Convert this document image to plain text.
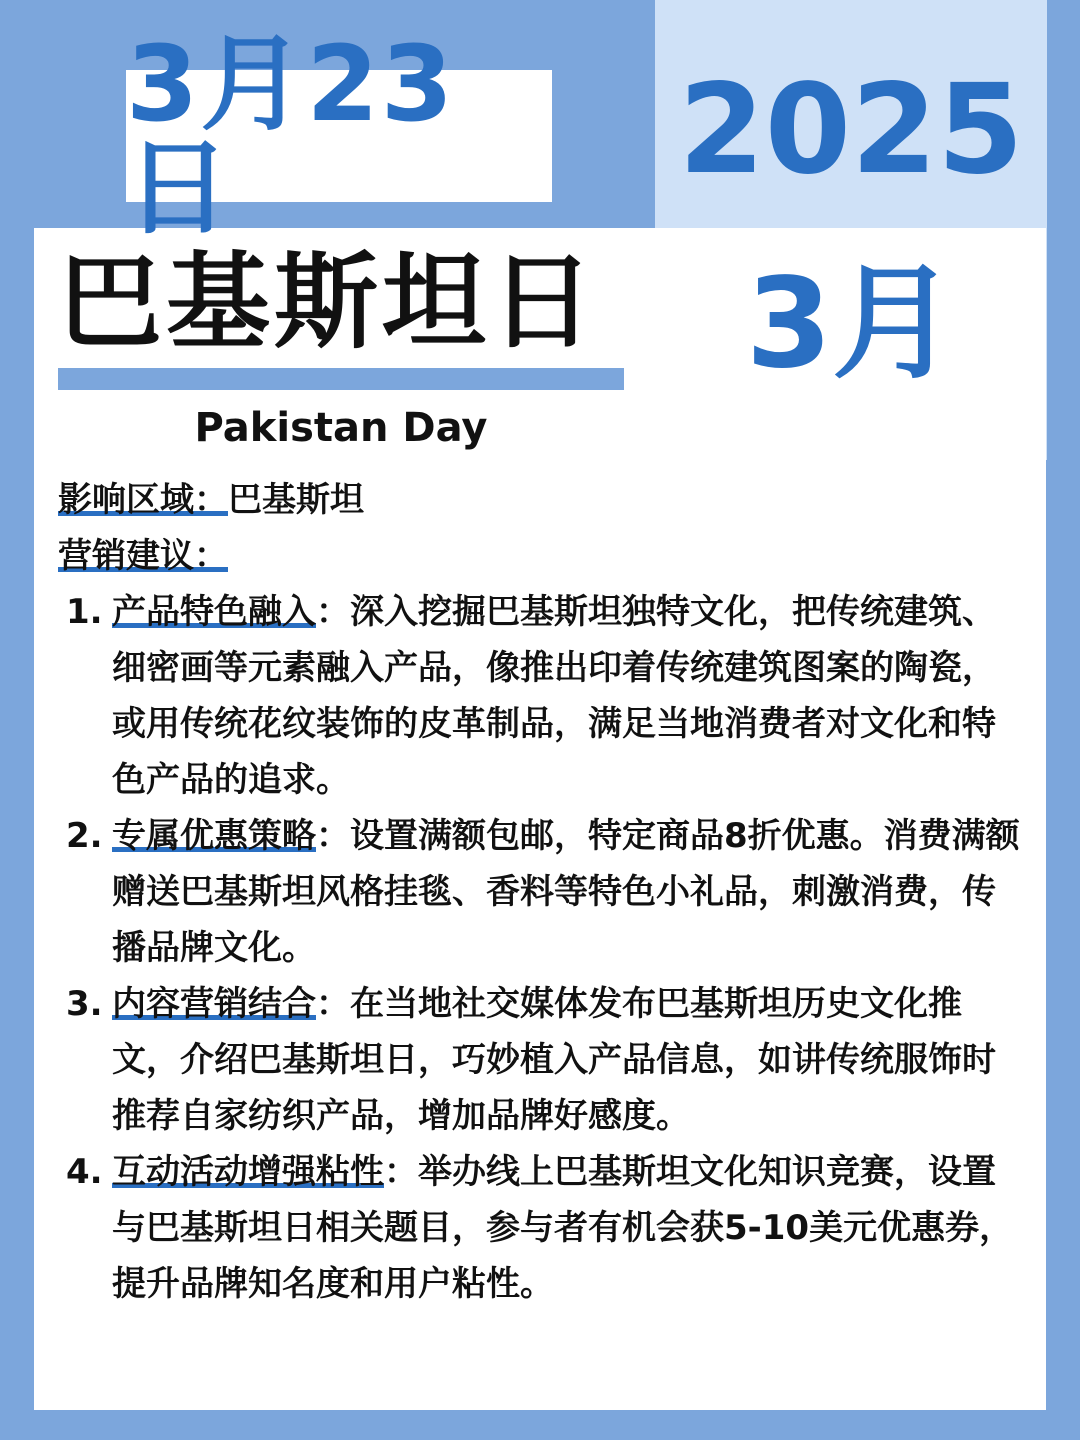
3月23日	2025
3月
巴基斯坦日
Pakistan Day
影响区域：巴基斯坦
营销建议：
1. 产品特色融入：深入挖掘巴基斯坦独特文化，把传统建筑、细密画等元素融入产品，像推出印着传统建筑图案的陶瓷，或用传统花纹装饰的皮革制品，满足当地消费者对文化和特色产品的追求。
2. 专属优惠策略：设置满额包邮，特定商品8折优惠。消费满额赠送巴基斯坦风格挂毯、香料等特色小礼品，刺激消费，传播品牌文化。
3. 内容营销结合：在当地社交媒体发布巴基斯坦历史文化推文，介绍巴基斯坦日，巧妙植入产品信息，如讲传统服饰时推荐自家纺织产品，增加品牌好感度。
4. 互动活动增强粘性：举办线上巴基斯坦文化知识竞赛，设置与巴基斯坦日相关题目，参与者有机会获5-10美元优惠券，提升品牌知名度和用户粘性。
